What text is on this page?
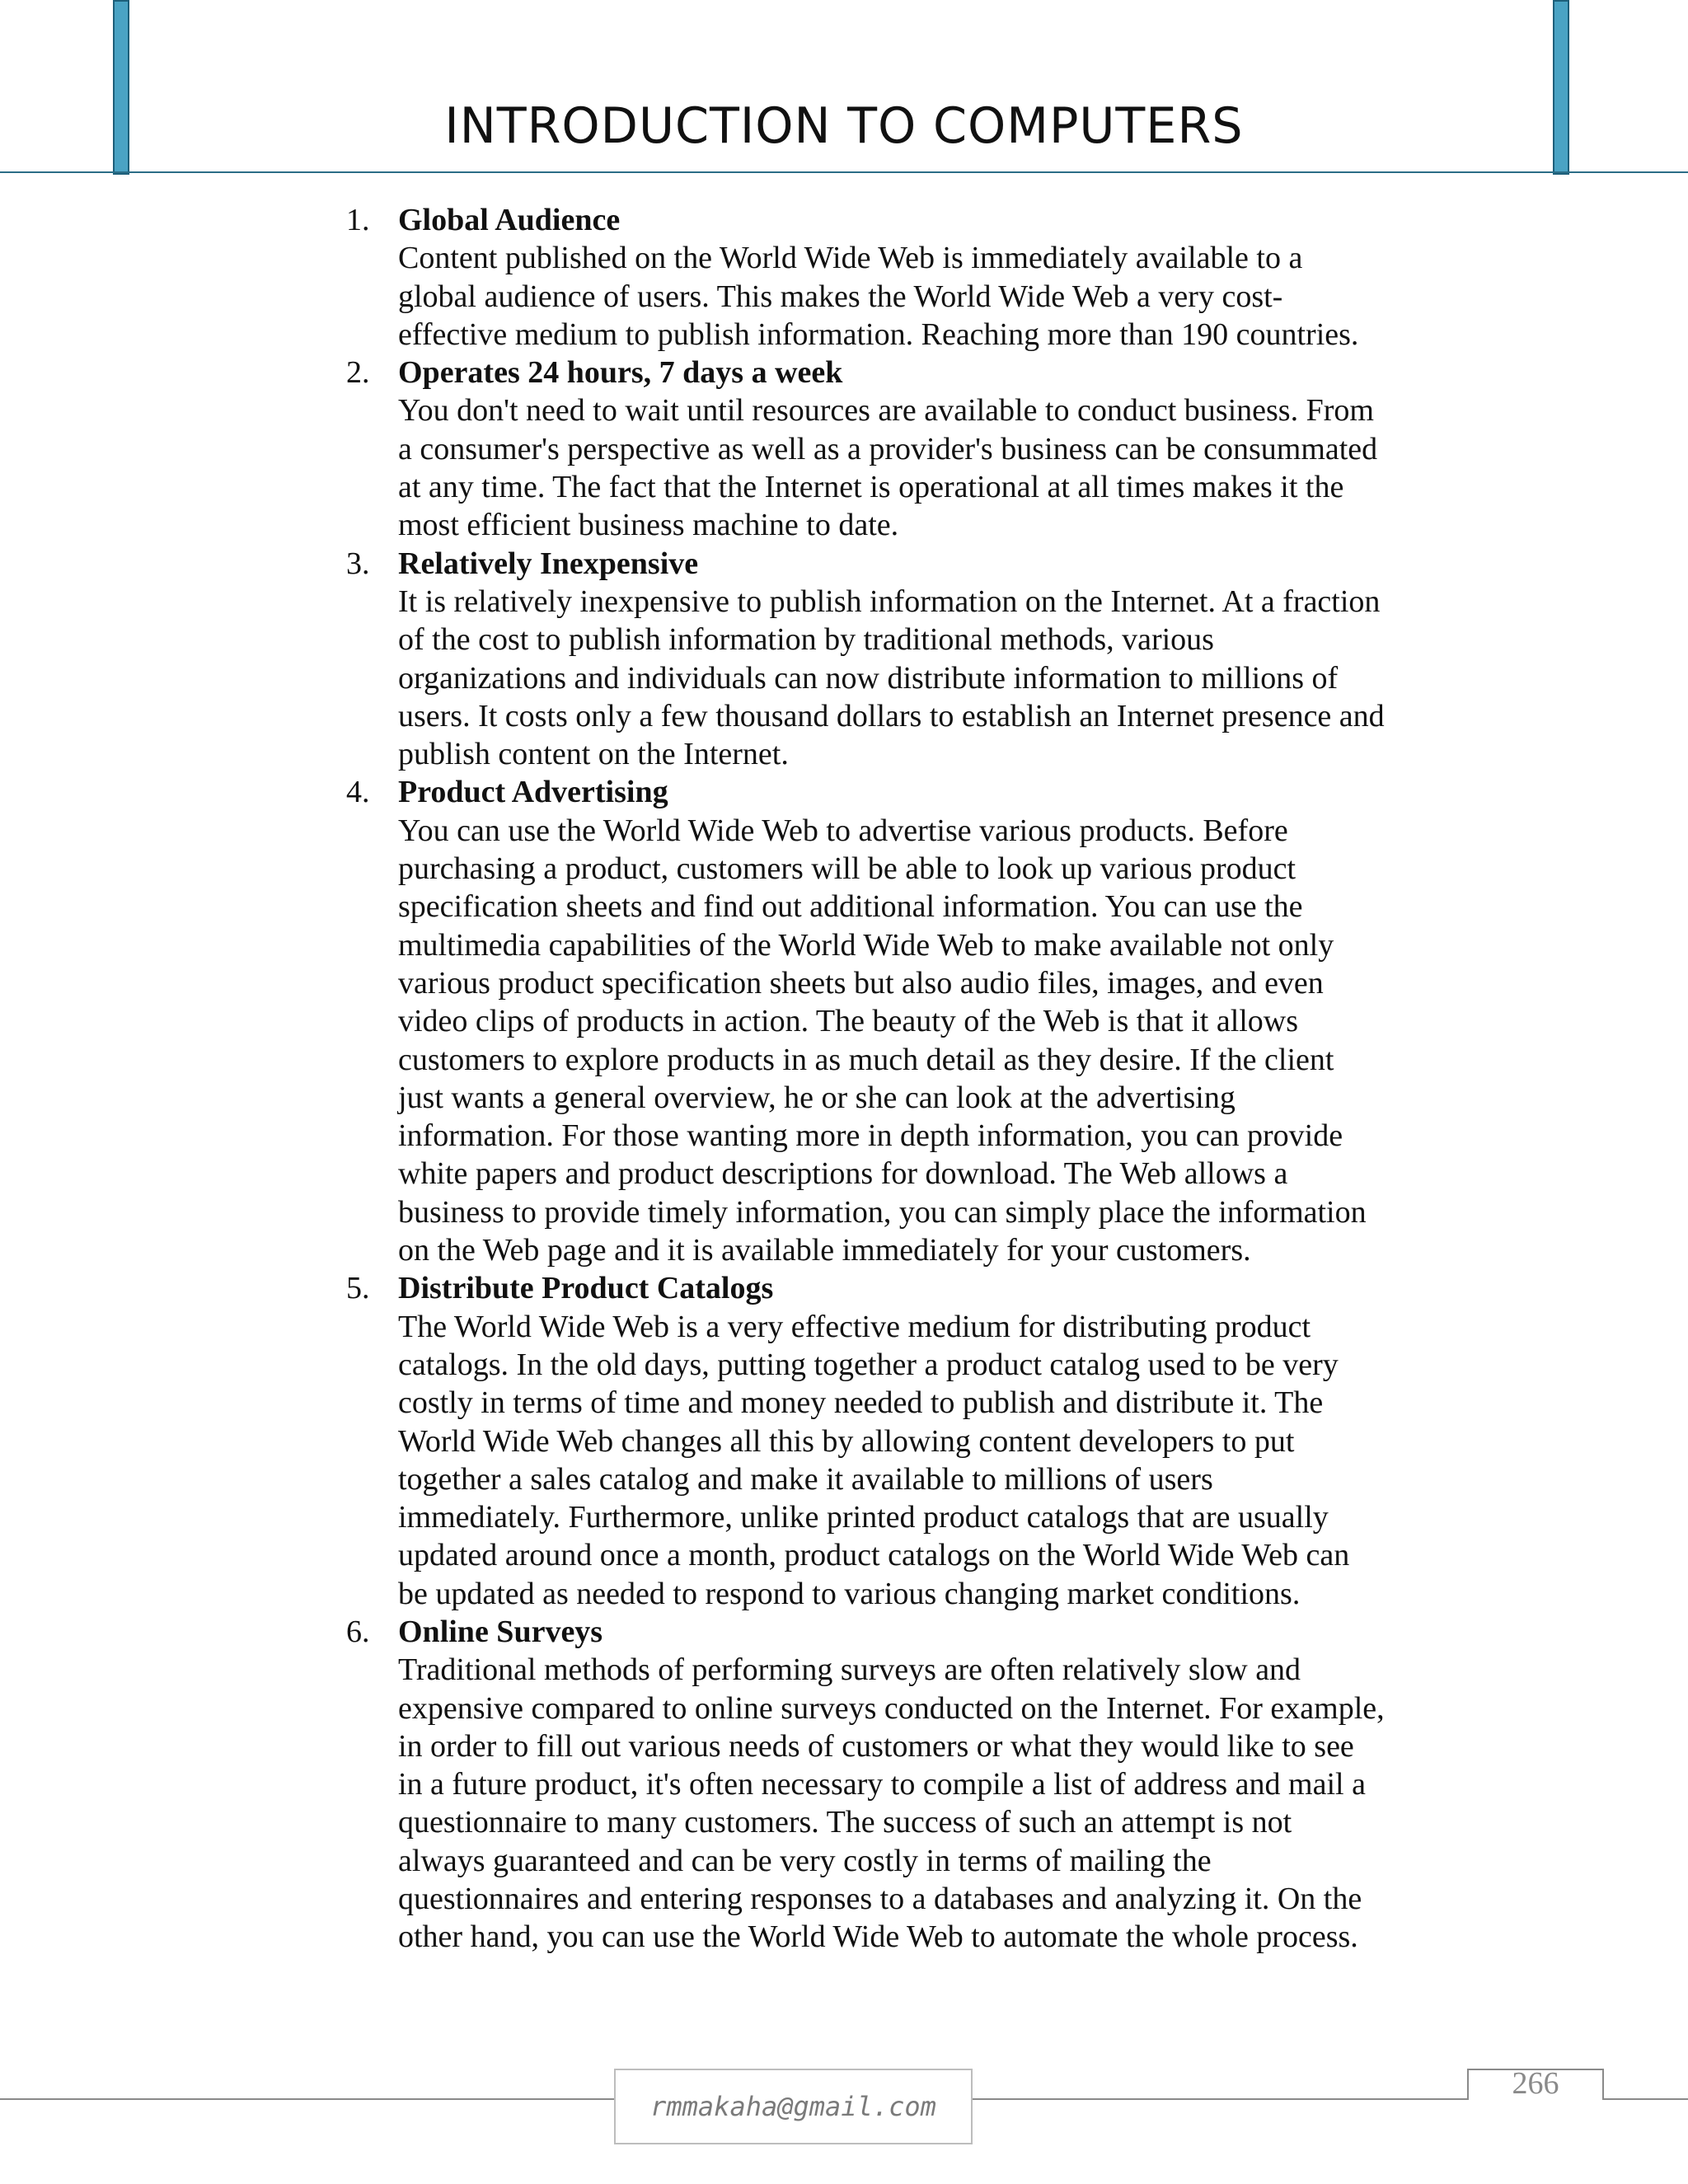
INTRODUCTION TO COMPUTERS
1. Global Audience
Content published on the World Wide Web is immediately available to a
global audience of users. This makes the World Wide Web a very cost-
effective medium to publish information. Reaching more than 190 countries.
2. Operates 24 hours, 7 days a week
You don't need to wait until resources are available to conduct business. From
a consumer's perspective as well as a provider's business can be consummated
at any time. The fact that the Internet is operational at all times makes it the
most efficient business machine to date.
3. Relatively Inexpensive
It is relatively inexpensive to publish information on the Internet. At a fraction
of the cost to publish information by traditional methods, various
organizations and individuals can now distribute information to millions of
users. It costs only a few thousand dollars to establish an Internet presence and
publish content on the Internet.
4. Product Advertising
You can use the World Wide Web to advertise various products. Before
purchasing a product, customers will be able to look up various product
specification sheets and find out additional information. You can use the
multimedia capabilities of the World Wide Web to make available not only
various product specification sheets but also audio files, images, and even
video clips of products in action. The beauty of the Web is that it allows
customers to explore products in as much detail as they desire. If the client
just wants a general overview, he or she can look at the advertising
information. For those wanting more in depth information, you can provide
white papers and product descriptions for download. The Web allows a
business to provide timely information, you can simply place the information
on the Web page and it is available immediately for your customers.
5. Distribute Product Catalogs
The World Wide Web is a very effective medium for distributing product
catalogs. In the old days, putting together a product catalog used to be very
costly in terms of time and money needed to publish and distribute it. The
World Wide Web changes all this by allowing content developers to put
together a sales catalog and make it available to millions of users
immediately. Furthermore, unlike printed product catalogs that are usually
updated around once a month, product catalogs on the World Wide Web can
be updated as needed to respond to various changing market conditions.
6. Online Surveys
Traditional methods of performing surveys are often relatively slow and
expensive compared to online surveys conducted on the Internet. For example,
in order to fill out various needs of customers or what they would like to see
in a future product, it's often necessary to compile a list of address and mail a
questionnaire to many customers. The success of such an attempt is not
always guaranteed and can be very costly in terms of mailing the
questionnaires and entering responses to a databases and analyzing it. On the
other hand, you can use the World Wide Web to automate the whole process.
rmmakaha@gmail.com
266
